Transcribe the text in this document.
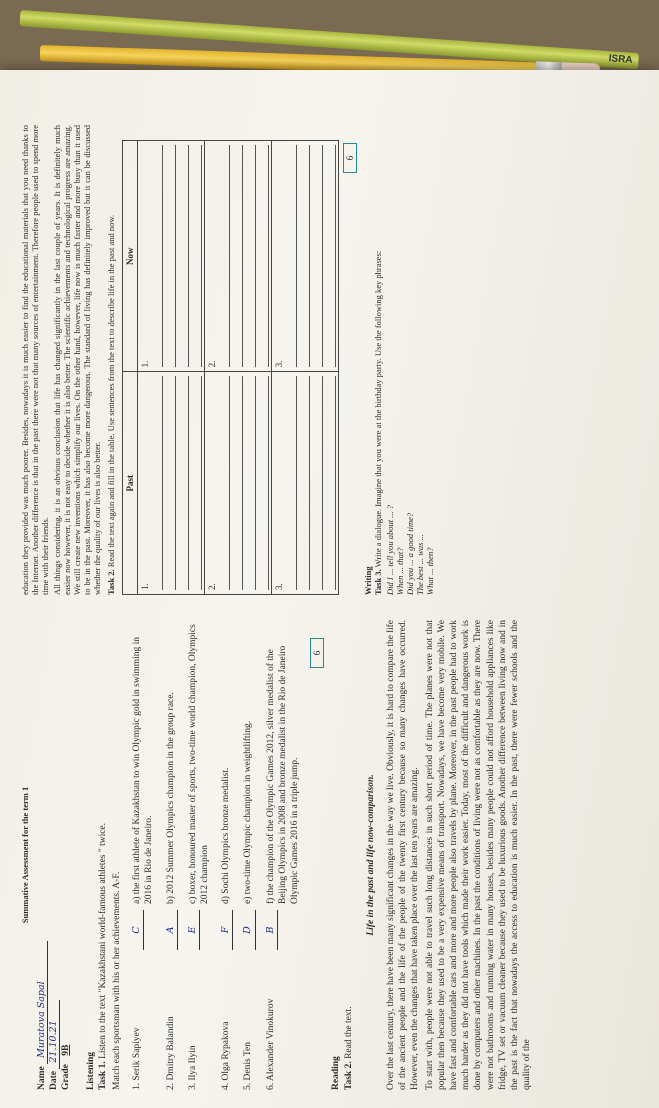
ISRA
Summative Assessment for the term 1
Name Muratova Sapal
Date 21.10.21
Grade 9B
Listening Task 1. Listen to the text "Kazakhstani world-famous athletes " twice. Match each sportsman with his or her achievements. A-F. 1. Serik Sapiyev
C
a) the first athlete of Kazakhstan to win Olympic gold in swimming in 2016 in Rio de Janeiro.
2. Dmitry Balandin
A
b) 2012 Summer Olympics champion in the group race.
3. Ilya Ilyin
E
c) boxer, honoured master of sports, two-time world champion, Olympics 2012 champion
4. Olga Rypakova
F
d) Sochi Olympics bronze medalist.
5. Denis Ten
D
e) two-time Olympic champion in weightlifting.
6. Alexander Vinokurov
B
f) the champion of the Olympic Games 2012, silver medalist of the Beijing Olympics in 2008 and bronze medalist in the Rio de Janeiro Olympic Games 2016 in a triple jump.
6
Reading Task 2. Read the text.

Life in the past and life now-comparison. Over the last century, there have been many significant changes in the way we live. Obviously, it is hard to compare the life of the ancient people and the life of the people of the twenty first century because so many changes have occurred. However, even the changes that have taken place over the last ten years are amazing. To start with, people were not able to travel such long distances in such short period of time. The planes were not that popular then because they used to be a very expensive means of transport. Nowadays, we have become very mobile. We have fast and comfortable cars and more and more people also travels by plane. Moreover, in the past people had to work much harder as they did not have tools which made their work easier. Today, most of the difficult and dangerous work is done by computers and other machines. In the past the conditions of living were not as comfortable as they are now. There were not bathrooms and running water in many houses, besides many people could not afford household appliances like fridge, TV set or vacuum cleaner because they used to be luxurious goods. Another difference between living now and in the past is the fact that nowadays the access to education is much easier. In the past, there were fewer schools and the quality of the

education they provided was much poorer. Besides, nowadays it is much easier to find the educational materials that you need thanks to the Internet. Another difference is that in the past there were not that many sources of entertainment. Therefore people used to spend more time with their friends. All things considering, it is an obvious conclusion that life has changed significantly in the last couple of years. It is definitely much easier now however, it is not easy to decide whether it is also better. The scientific achievements and technological progress are amazing. We still create new inventions which simplify our lives. On the other hand, however, life now is much faster and more busy than it used to be in the past. Moreover, it has also become more dangerous. The standard of living has definitely improved but it can be discussed whether the quality of our lives is also better. Task 2. Read the text again and fill in the table. Use sentences from the text to describe life in the past and now. Past	Now
1.	1.

2.	2.

3.	3.
6
Writing Task 3. Write a dialogue. Imagine that you were at the birthday party. Use the following key phrases: Did I ... tell you about ... ? When ... that? Did you ... a good time? The best ... was ... What ... then?
